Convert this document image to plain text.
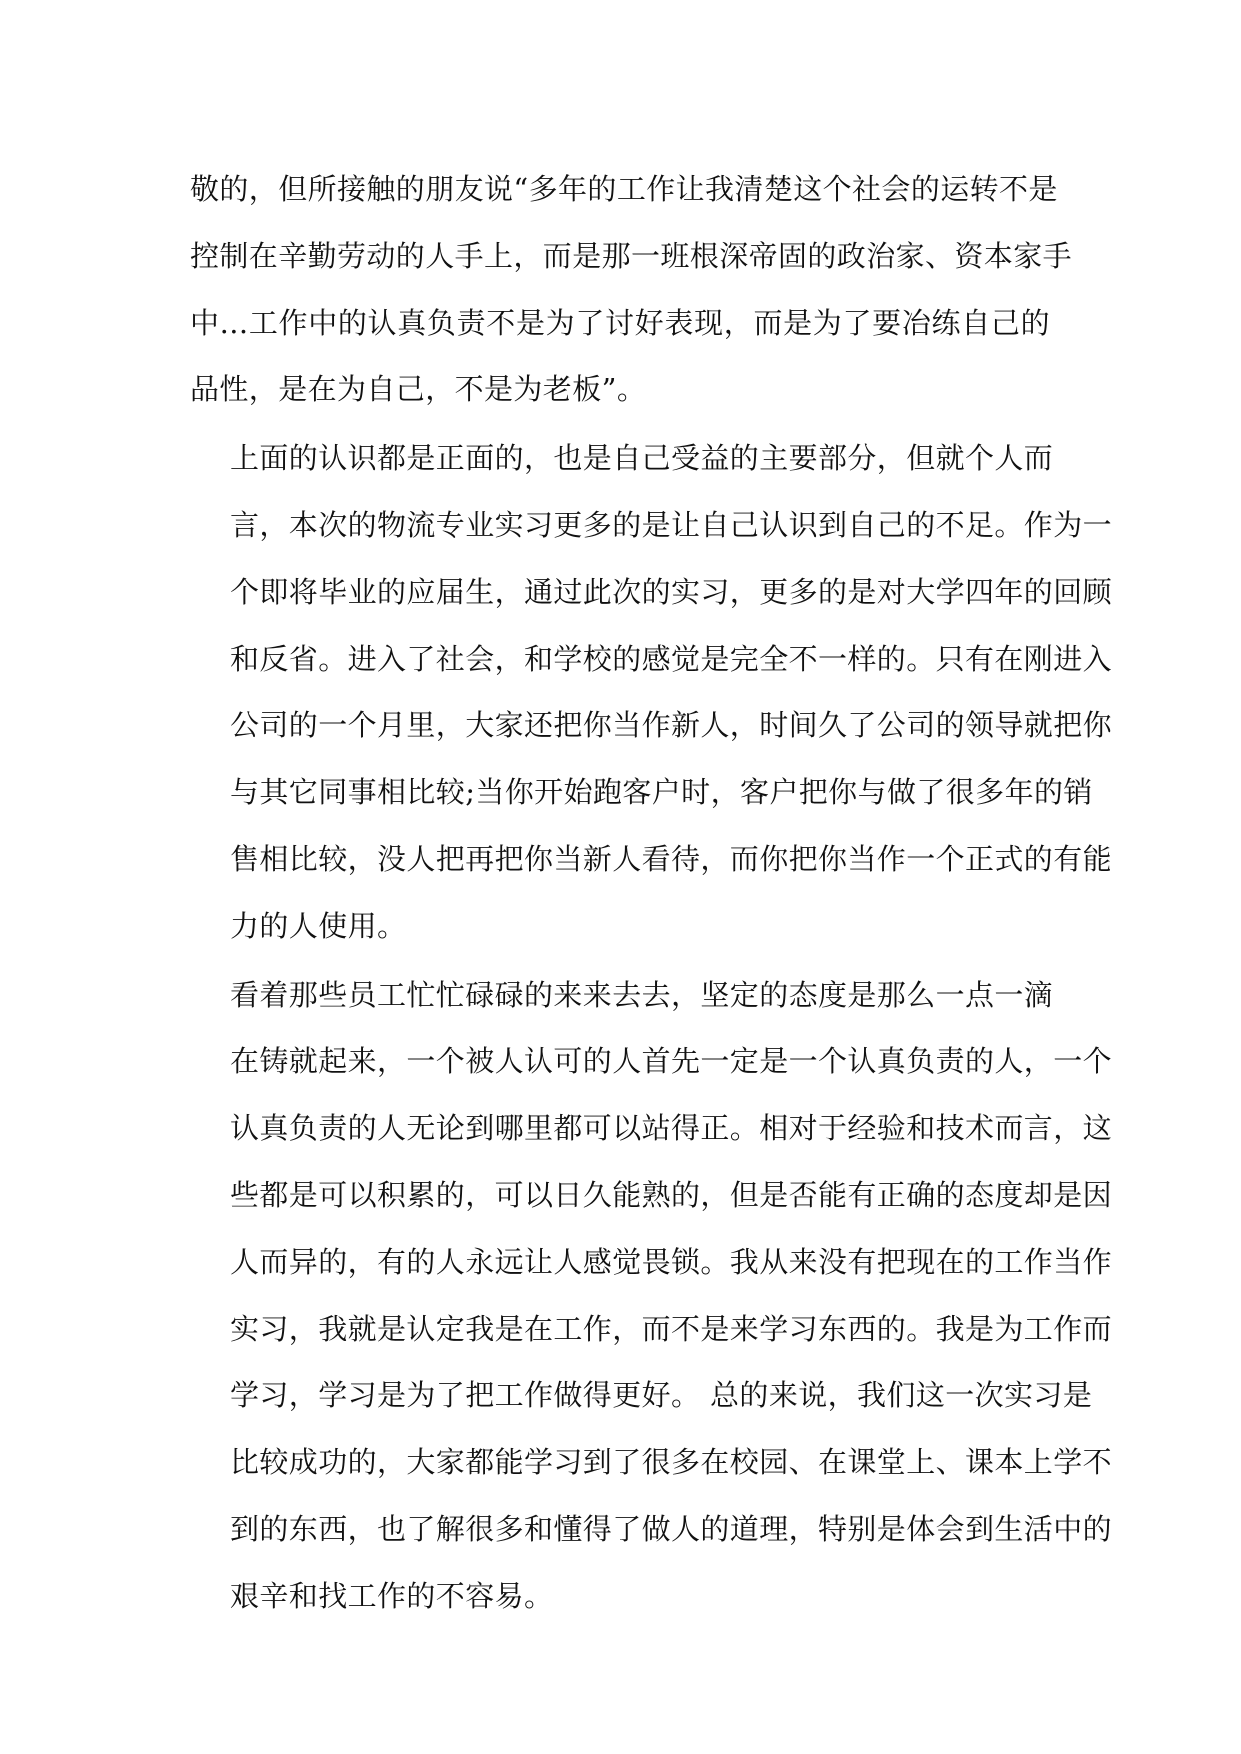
敬的，但所接触的朋友说“多年的工作让我清楚这个社会的运转不是
控制在辛勤劳动的人手上，而是那一班根深帝固的政治家、资本家手
中...工作中的认真负责不是为了讨好表现，而是为了要冶练自己的
品性，是在为自己，不是为老板”。

上面的认识都是正面的，也是自己受益的主要部分，但就个人而
言，本次的物流专业实习更多的是让自己认识到自己的不足。作为一
个即将毕业的应届生，通过此次的实习，更多的是对大学四年的回顾
和反省。进入了社会，和学校的感觉是完全不一样的。只有在刚进入
公司的一个月里，大家还把你当作新人，时间久了公司的领导就把你
与其它同事相比较;当你开始跑客户时，客户把你与做了很多年的销
售相比较，没人把再把你当新人看待，而你把你当作一个正式的有能
力的人使用。

看着那些员工忙忙碌碌的来来去去，坚定的态度是那么一点一滴
在铸就起来，一个被人认可的人首先一定是一个认真负责的人，一个
认真负责的人无论到哪里都可以站得正。相对于经验和技术而言，这
些都是可以积累的，可以日久能熟的，但是否能有正确的态度却是因
人而异的，有的人永远让人感觉畏锁。我从来没有把现在的工作当作
实习，我就是认定我是在工作，而不是来学习东西的。我是为工作而
学习，学习是为了把工作做得更好。 总的来说，我们这一次实习是
比较成功的，大家都能学习到了很多在校园、在课堂上、课本上学不
到的东西，也了解很多和懂得了做人的道理，特别是体会到生活中的
艰辛和找工作的不容易。
